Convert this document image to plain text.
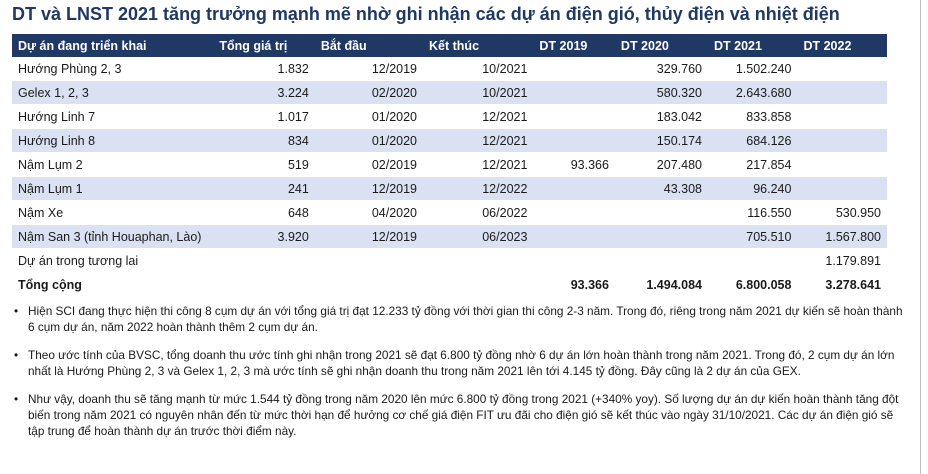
DT và LNST 2021 tăng trưởng mạnh mẽ nhờ ghi nhận các dự án điện gió, thủy điện và nhiệt điện
Dự án đang triển khai	Tổng giá trị	Bắt đầu	Kết thúc	DT 2019	DT 2020	DT 2021	DT 2022
Hướng Phùng 2, 3	1.832	12/2019	10/2021		329.760	1.502.240	
Gelex 1, 2, 3	3.224	02/2020	10/2021		580.320	2.643.680	
Hướng Linh 7	1.017	01/2020	12/2021		183.042	833.858	
Hướng Linh 8	834	01/2020	12/2021		150.174	684.126	
Nậm Lụm 2	519	02/2019	12/2021	93.366	207.480	217.854	
Nậm Lụm 1	241	12/2019	12/2022		43.308	96.240	
Nậm Xe	648	04/2020	06/2022			116.550	530.950
Nậm San 3 (tỉnh Houaphan, Lào)	3.920	12/2019	06/2023			705.510	1.567.800
Dự án trong tương lai							1.179.891
Tổng cộng				93.366	1.494.084	6.800.058	3.278.641
• Hiện SCI đang thực hiện thi công 8 cụm dự án với tổng giá trị đạt 12.233 tỷ đồng với thời gian thi công 2-3 năm. Trong đó, riêng trong năm 2021 dự kiến sẽ hoàn thành 6 cụm dự án, năm 2022 hoàn thành thêm 2 cụm dự án.
• Theo ước tính của BVSC, tổng doanh thu ước tính ghi nhận trong 2021 sẽ đạt 6.800 tỷ đồng nhờ 6 dự án lớn hoàn thành trong năm 2021. Trong đó, 2 cụm dự án lớn nhất là Hướng Phùng 2, 3 và Gelex 1, 2, 3 mà ước tính sẽ ghi nhận doanh thu trong năm 2021 lên tới 4.145 tỷ đồng. Đây cũng là 2 dự án của GEX.
• Như vậy, doanh thu sẽ tăng mạnh từ mức 1.544 tỷ đồng trong năm 2020 lên mức 6.800 tỷ đồng trong 2021 (+340% yoy). Số lượng dự án dự kiến hoàn thành tăng đột biến trong năm 2021 có nguyên nhân đến từ mức thời hạn để hưởng cơ chế giá điện FIT ưu đãi cho điện gió sẽ kết thúc vào ngày 31/10/2021. Các dự án điện gió sẽ tập trung để hoàn thành dự án trước thời điểm này.
